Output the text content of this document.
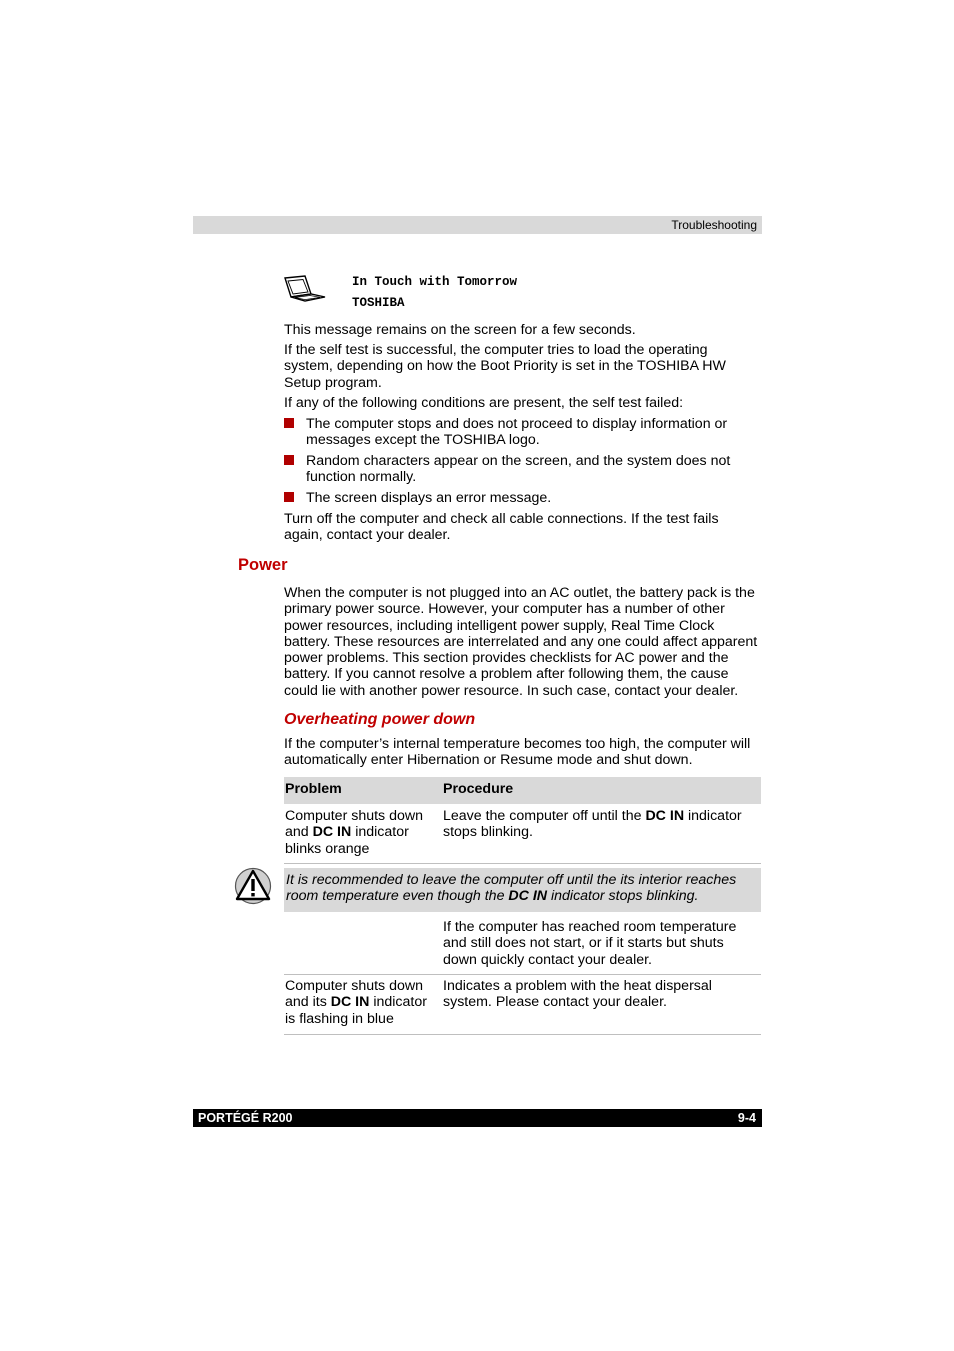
Troubleshooting
In Touch with Tomorrow
TOSHIBA
This message remains on the screen for a few seconds.
If the self test is successful, the computer tries to load the operating
system, depending on how the Boot Priority is set in the TOSHIBA HW
Setup program.
If any of the following conditions are present, the self test failed:
The computer stops and does not proceed to display information or
messages except the TOSHIBA logo.
Random characters appear on the screen, and the system does not
function normally.
The screen displays an error message.
Turn off the computer and check all cable connections. If the test fails
again, contact your dealer.
Power
When the computer is not plugged into an AC outlet, the battery pack is the
primary power source. However, your computer has a number of other
power resources, including intelligent power supply, Real Time Clock
battery. These resources are interrelated and any one could affect apparent
power problems. This section provides checklists for AC power and the
battery. If you cannot resolve a problem after following them, the cause
could lie with another power resource. In such case, contact your dealer.
Overheating power down
If the computer’s internal temperature becomes too high, the computer will
automatically enter Hibernation or Resume mode and shut down.
Problem	Procedure
Computer shuts down
and DC IN indicator
blinks orange
Leave the computer off until the DC IN indicator
stops blinking.
It is recommended to leave the computer off until the its interior reaches
room temperature even though the DC IN indicator stops blinking.
If the computer has reached room temperature
and still does not start, or if it starts but shuts
down quickly contact your dealer.
Computer shuts down
and its DC IN indicator
is flashing in blue
Indicates a problem with the heat dispersal
system. Please contact your dealer.
PORTÉGÉ R200	9-4
